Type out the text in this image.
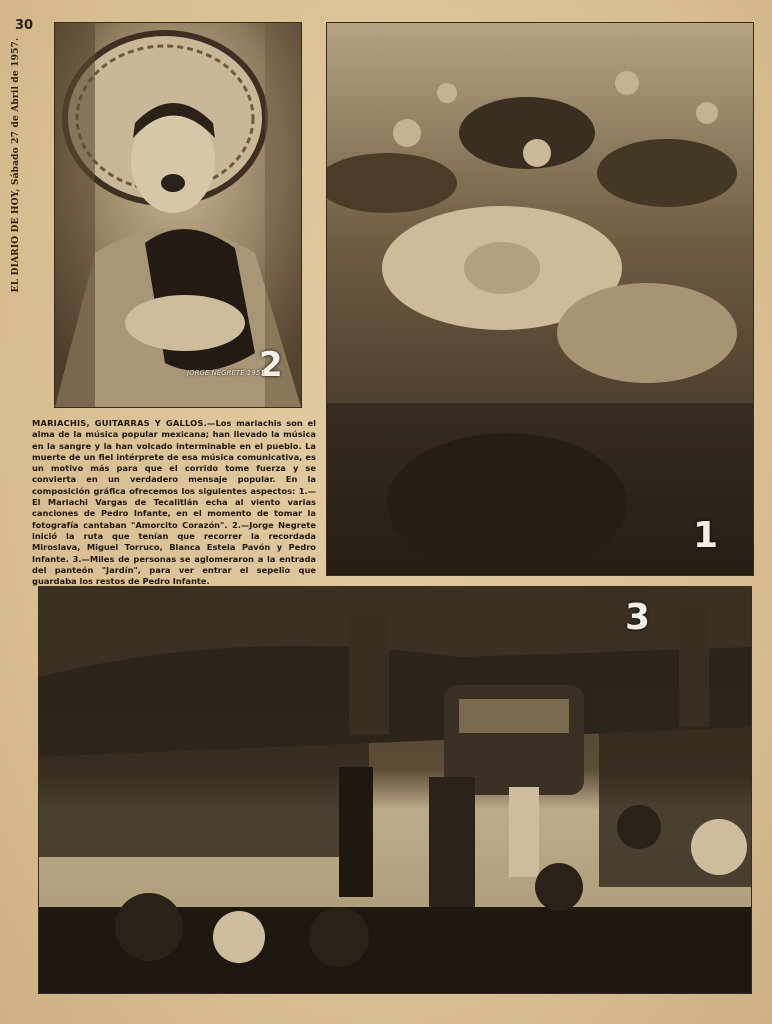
30
EL DIARIO DE HOY, Sábado 27 de Abril de 1957.
2
JORGE NEGRETE 1951
1
MARIACHIS, GUITARRAS Y GALLOS.—Los mariachis son el alma de la música popular mexicana; han llevado la música en la sangre y la han volcado interminable en el pueblo. La muerte de un fiel intérprete de esa música comunicativa, es un motivo más para que el corrido tome fuerza y se convierta en un verdadero mensaje popular. En la composición gráfica ofrecemos los siguientes aspectos: 1.—El Mariachi Vargas de Tecalitlán echa al viento varias canciones de Pedro Infante, en el momento de tomar la fotografía cantaban "Amorcito Corazón". 2.—Jorge Negrete inició la ruta que tenían que recorrer la recordada Miroslava, Miguel Torruco, Blanca Estela Pavón y Pedro Infante. 3.—Miles de personas se aglomeraron a la entrada del panteón "Jardín", para ver entrar el sepelio que guardaba los restos de Pedro Infante.
3
